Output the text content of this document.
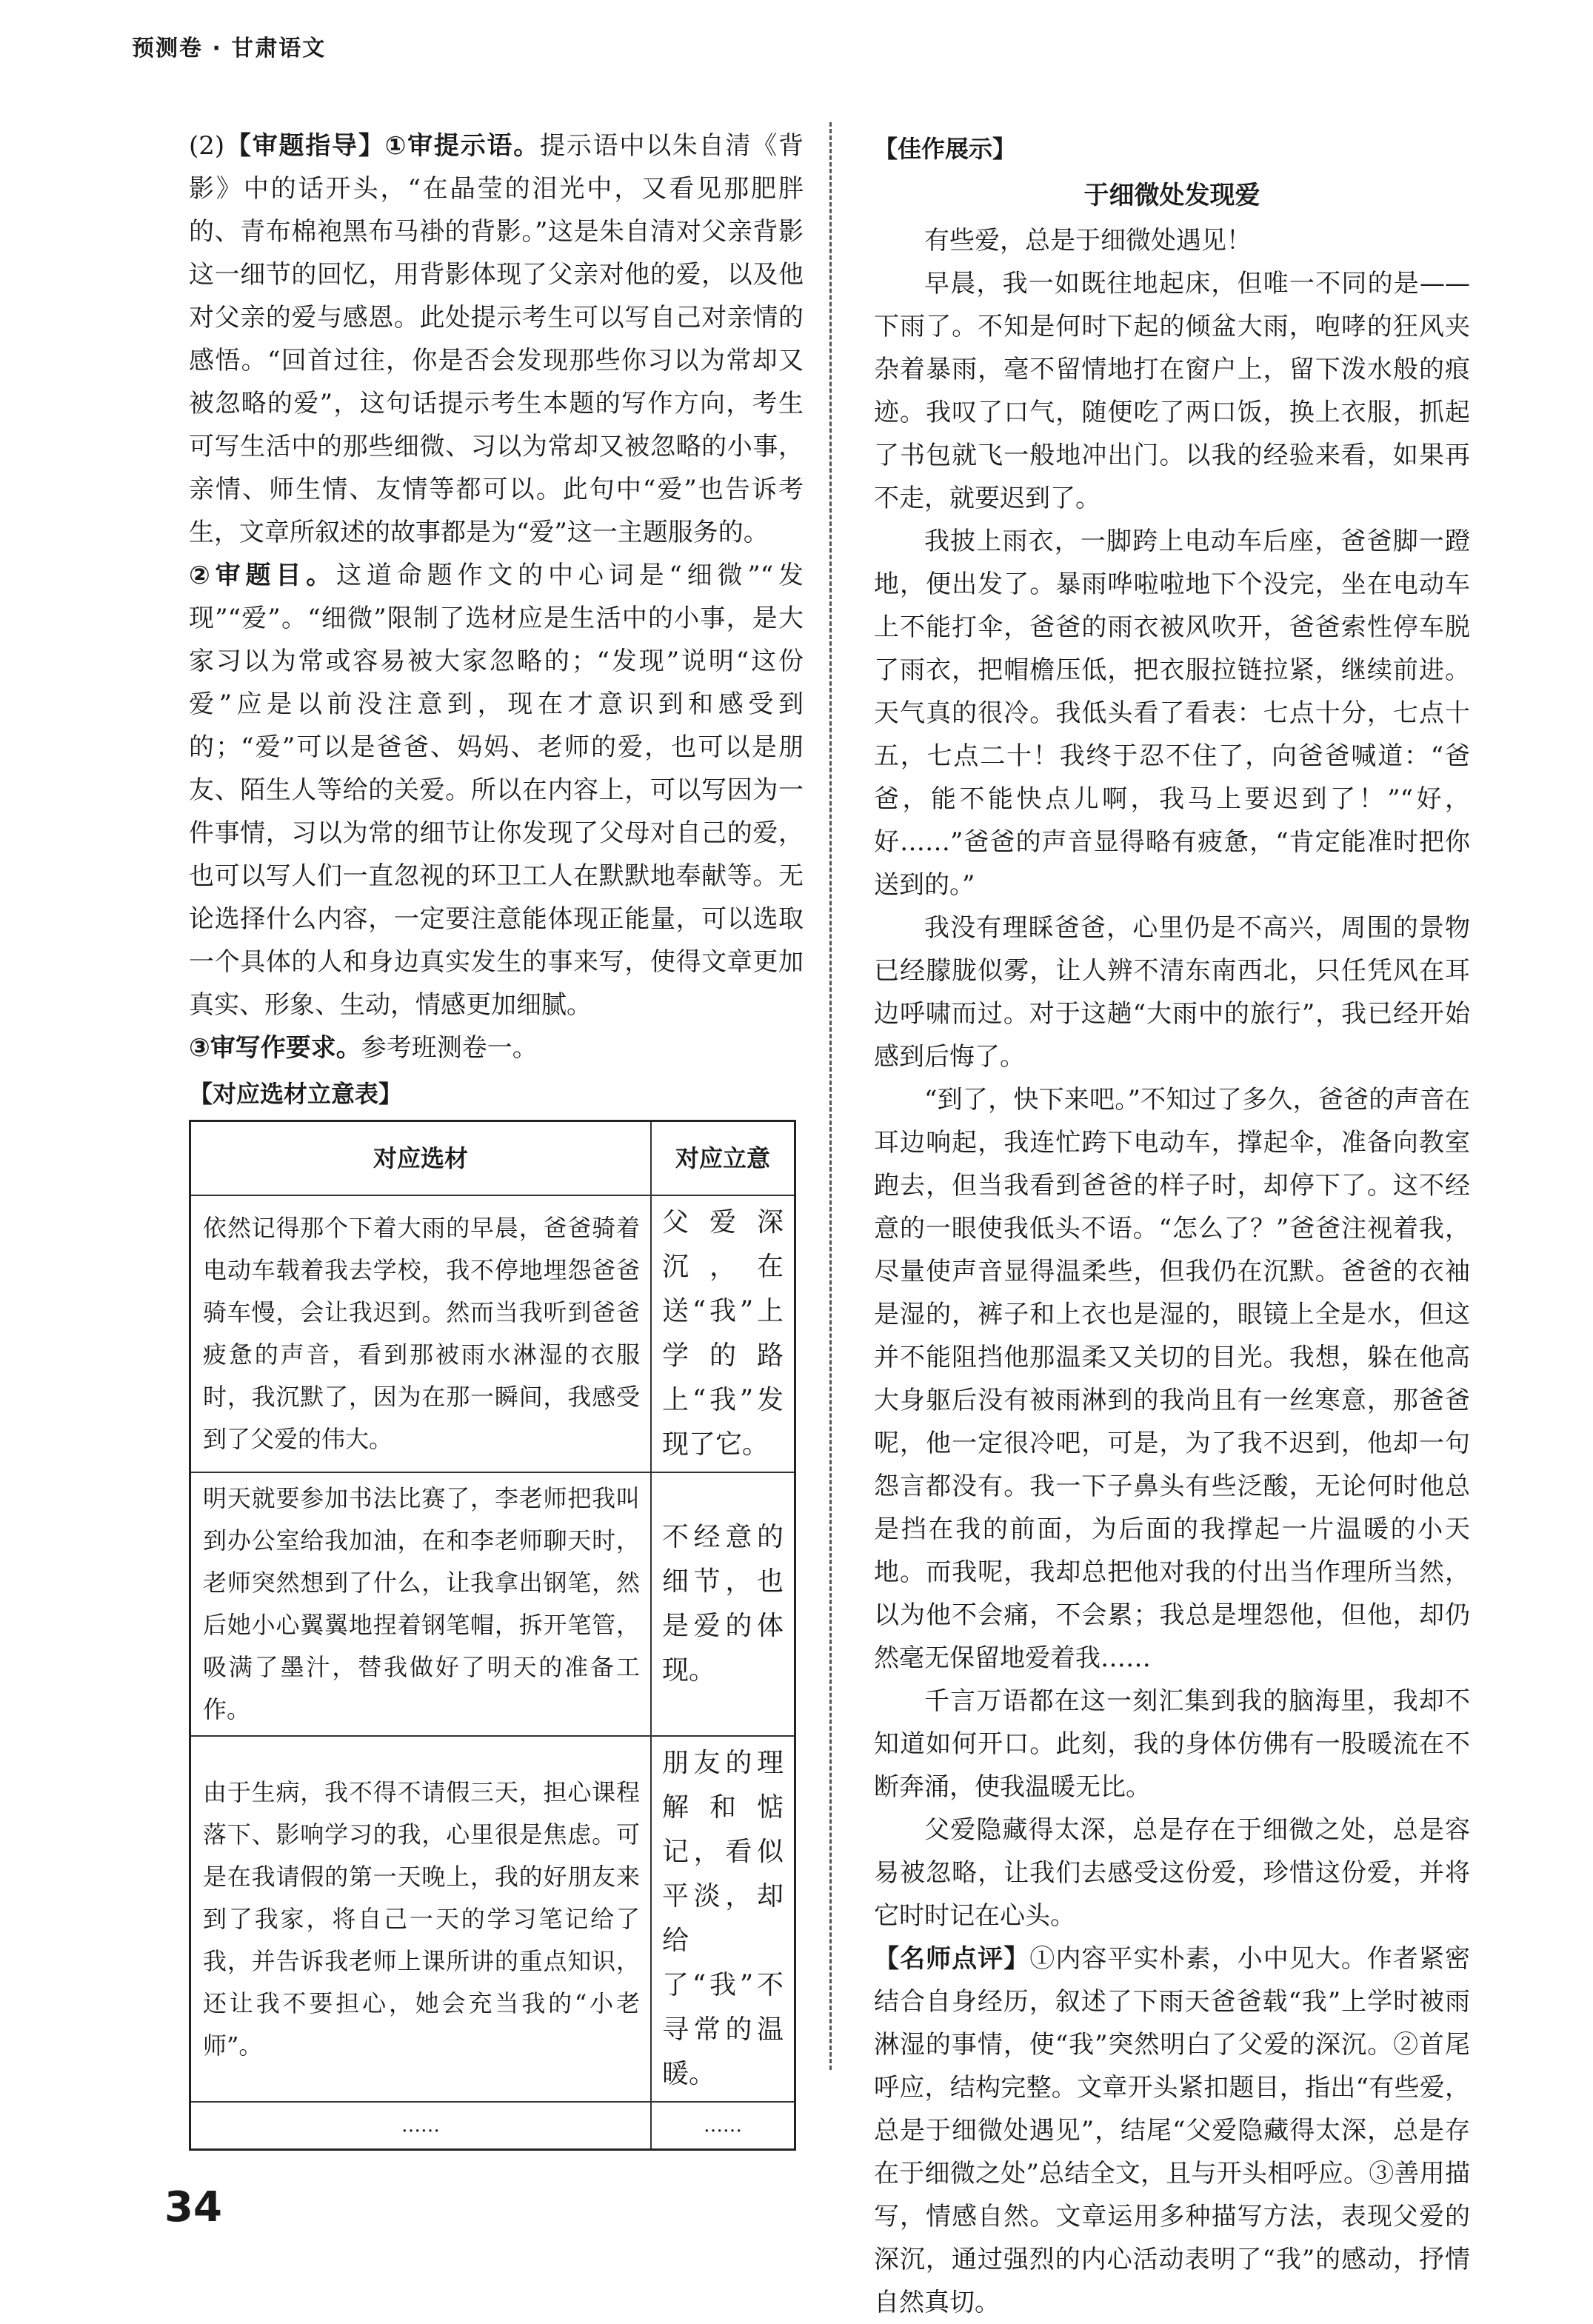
预测卷 · 甘肃语文

(2)【审题指导】①审提示语。提示语中以朱自清《背影》中的话开头，“在晶莹的泪光中，又看见那肥胖的、青布棉袍黑布马褂的背影。”这是朱自清对父亲背影这一细节的回忆，用背影体现了父亲对他的爱，以及他对父亲的爱与感恩。此处提示考生可以写自己对亲情的感悟。“回首过往，你是否会发现那些你习以为常却又被忽略的爱”，这句话提示考生本题的写作方向，考生可写生活中的那些细微、习以为常却又被忽略的小事，亲情、师生情、友情等都可以。此句中“爱”也告诉考生，文章所叙述的故事都是为“爱”这一主题服务的。

②审题目。这道命题作文的中心词是“细微”“发现”“爱”。“细微”限制了选材应是生活中的小事，是大家习以为常或容易被大家忽略的；“发现”说明“这份爱”应是以前没注意到，现在才意识到和感受到的；“爱”可以是爸爸、妈妈、老师的爱，也可以是朋友、陌生人等给的关爱。所以在内容上，可以写因为一件事情，习以为常的细节让你发现了父母对自己的爱，也可以写人们一直忽视的环卫工人在默默地奉献等。无论选择什么内容，一定要注意能体现正能量，可以选取一个具体的人和身边真实发生的事来写，使得文章更加真实、形象、生动，情感更加细腻。

③审写作要求。参考班测卷一。

【对应选材立意表】
对应选材	对应立意
依然记得那个下着大雨的早晨，爸爸骑着电动车载着我去学校，我不停地埋怨爸爸骑车慢，会让我迟到。然而当我听到爸爸疲惫的声音，看到那被雨水淋湿的衣服时，我沉默了，因为在那一瞬间，我感受到了父爱的伟大。	父爱深沉，在送“我”上学的路上“我”发现了它。
明天就要参加书法比赛了，李老师把我叫到办公室给我加油，在和李老师聊天时，老师突然想到了什么，让我拿出钢笔，然后她小心翼翼地捏着钢笔帽，拆开笔管，吸满了墨汁，替我做好了明天的准备工作。	不经意的细节，也是爱的体现。
由于生病，我不得不请假三天，担心课程落下、影响学习的我，心里很是焦虑。可是在我请假的第一天晚上，我的好朋友来到了我家，将自己一天的学习笔记给了我，并告诉我老师上课所讲的重点知识，还让我不要担心，她会充当我的“小老师”。	朋友的理解和惦记，看似平淡，却给了“我”不寻常的温暖。
……	……
【佳作展示】
于细微处发现爱

有些爱，总是于细微处遇见！

早晨，我一如既往地起床，但唯一不同的是——下雨了。不知是何时下起的倾盆大雨，咆哮的狂风夹杂着暴雨，毫不留情地打在窗户上，留下泼水般的痕迹。我叹了口气，随便吃了两口饭，换上衣服，抓起了书包就飞一般地冲出门。以我的经验来看，如果再不走，就要迟到了。

我披上雨衣，一脚跨上电动车后座，爸爸脚一蹬地，便出发了。暴雨哗啦啦地下个没完，坐在电动车上不能打伞，爸爸的雨衣被风吹开，爸爸索性停车脱了雨衣，把帽檐压低，把衣服拉链拉紧，继续前进。天气真的很冷。我低头看了看表：七点十分，七点十五，七点二十！我终于忍不住了，向爸爸喊道：“爸爸，能不能快点儿啊，我马上要迟到了！”“好，好……”爸爸的声音显得略有疲惫，“肯定能准时把你送到的。”

我没有理睬爸爸，心里仍是不高兴，周围的景物已经朦胧似雾，让人辨不清东南西北，只任凭风在耳边呼啸而过。对于这趟“大雨中的旅行”，我已经开始感到后悔了。

“到了，快下来吧。”不知过了多久，爸爸的声音在耳边响起，我连忙跨下电动车，撑起伞，准备向教室跑去，但当我看到爸爸的样子时，却停下了。这不经意的一眼使我低头不语。“怎么了？”爸爸注视着我，尽量使声音显得温柔些，但我仍在沉默。爸爸的衣袖是湿的，裤子和上衣也是湿的，眼镜上全是水，但这并不能阻挡他那温柔又关切的目光。我想，躲在他高大身躯后没有被雨淋到的我尚且有一丝寒意，那爸爸呢，他一定很冷吧，可是，为了我不迟到，他却一句怨言都没有。我一下子鼻头有些泛酸，无论何时他总是挡在我的前面，为后面的我撑起一片温暖的小天地。而我呢，我却总把他对我的付出当作理所当然，以为他不会痛，不会累；我总是埋怨他，但他，却仍然毫无保留地爱着我……

千言万语都在这一刻汇集到我的脑海里，我却不知道如何开口。此刻，我的身体仿佛有一股暖流在不断奔涌，使我温暖无比。

父爱隐藏得太深，总是存在于细微之处，总是容易被忽略，让我们去感受这份爱，珍惜这份爱，并将它时时记在心头。

【名师点评】①内容平实朴素，小中见大。作者紧密结合自身经历，叙述了下雨天爸爸载“我”上学时被雨淋湿的事情，使“我”突然明白了父爱的深沉。②首尾呼应，结构完整。文章开头紧扣题目，指出“有些爱，总是于细微处遇见”，结尾“父爱隐藏得太深，总是存在于细微之处”总结全文，且与开头相呼应。③善用描写，情感自然。文章运用多种描写方法，表现父爱的深沉，通过强烈的内心活动表明了“我”的感动，抒情自然真切。

34
